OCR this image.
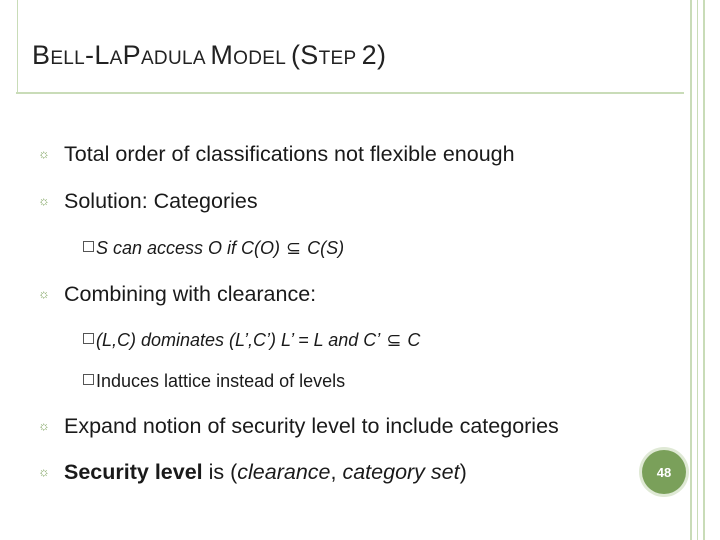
BELL-LAPADULA MODEL (STEP 2)
☼ Total order of classifications not flexible enough
☼ Solution: Categories
S can access O if C(O) ⊆ C(S)
☼ Combining with clearance:
(L,C) dominates (L’,C’) L’ = L and C’ ⊆ C
Induces lattice instead of levels
☼ Expand notion of security level to include categories
☼ Security level is (clearance, category set)	48
